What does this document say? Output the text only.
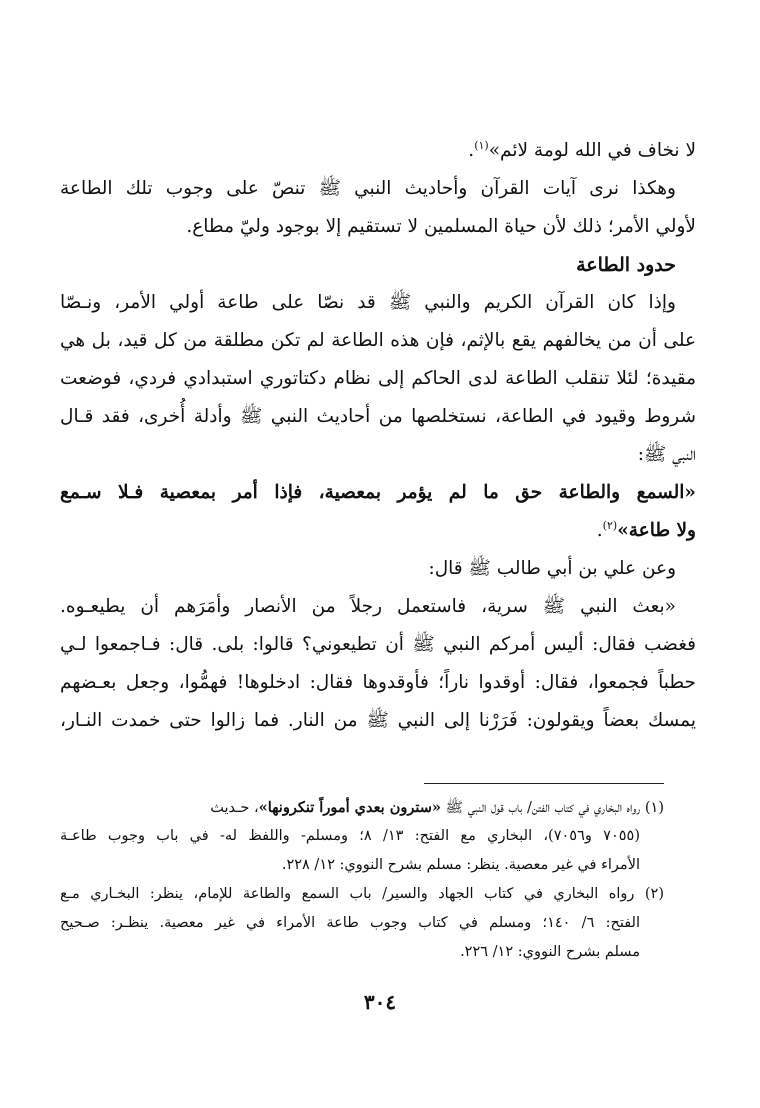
لا نخاف في الله لومة لائم»$^{(١)}$.
وهكذا نرى آيات القرآن وأحاديث النبي ﷺ تنصّ على وجوب تلك الطاعة
لأولي الأمر؛ ذلك لأن حياة المسلمين لا تستقيم إلا بوجود وليّ مطاع.
حدود الطاعة
وإذا كان القرآن الكريم والنبي ﷺ قد نصّا على طاعة أولي الأمر، ونـصّا
على أن من يخالفهم يقع بالإثم، فإن هذه الطاعة لم تكن مطلقة من كل قيد، بل هي
مقيدة؛ لئلا تنقلب الطاعة لدى الحاكم إلى نظام دكتاتوري استبدادي فردي، فوضعت
شروط وقيود في الطاعة، نستخلصها من أحاديث النبي ﷺ وأدلة أُخرى، فقد قـال
النبي ﷺ:
«السمع والطاعة حق ما لم يؤمر بمعصية، فإذا أمر بمعصية فـلا سـمع
ولا طاعة»$^{(٢)}$.
وعن علي بن أبي طالب ﷺ قال:
«بعث النبي ﷺ سرية، فاستعمل رجلاً من الأنصار وأمَرَهم أن يطيعـوه.
فغضب فقال: أليس أمركم النبي ﷺ أن تطيعوني؟ قالوا: بلى. قال: فـاجمعوا لـي
حطباً فجمعوا، فقال: أوقدوا ناراً؛ فأوقدوها فقال: ادخلوها! فهمُّوا، وجعل بعـضهم
يمسك بعضاً ويقولون: فَرَرْنا إلى النبي ﷺ من النار. فما زالوا حتى خمدت النـار،
(١) رواه البخاري في كتاب الفتن/ باب قول النبي ﷺ «سترون بعدي أموراً تنكرونها»، حـديث
(٧٠٥٥ و٧٠٥٦)، البخاري مع الفتح: ١٣/ ٨؛ ومسلم- واللفظ له- في باب وجوب طاعـة
الأمراء في غير معصية. ينظر: مسلم بشرح النووي: ١٢/ ٢٢٨.
(٢) رواه البخاري في كتاب الجهاد والسير/ باب السمع والطاعة للإمام، ينظر: البخـاري مـع
الفتح: ٦/ ١٤٠؛ ومسلم في كتاب وجوب طاعة الأمراء في غير معصية. ينظـر: صـحيح
مسلم بشرح النووي: ١٢/ ٢٢٦.
٣٠٤
